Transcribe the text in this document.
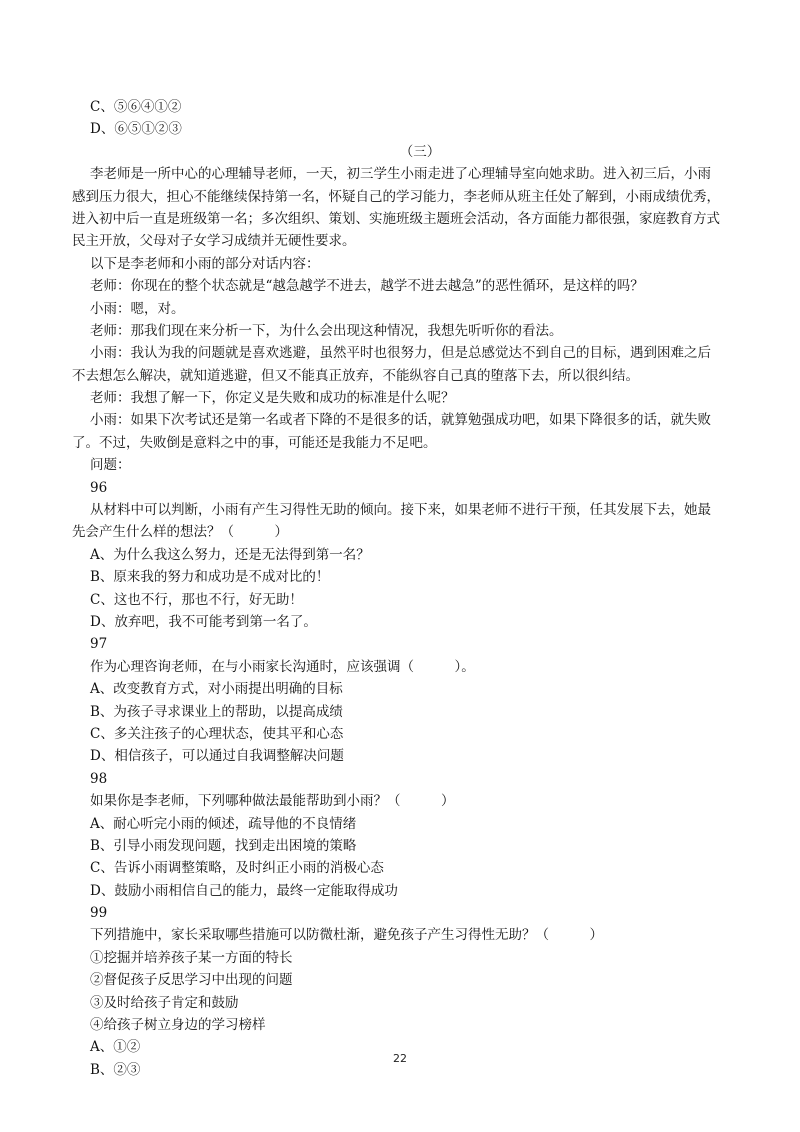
C、⑤⑥④①②
D、⑥⑤①②③
（三）
李老师是一所中心的心理辅导老师，一天，初三学生小雨走进了心理辅导室向她求助。进入初三后，小雨
感到压力很大，担心不能继续保持第一名，怀疑自己的学习能力，李老师从班主任处了解到，小雨成绩优秀，
进入初中后一直是班级第一名；多次组织、策划、实施班级主题班会活动，各方面能力都很强，家庭教育方式
民主开放，父母对子女学习成绩并无硬性要求。
以下是李老师和小雨的部分对话内容：
老师：你现在的整个状态就是“越急越学不进去，越学不进去越急”的恶性循环，是这样的吗？
小雨：嗯，对。
老师：那我们现在来分析一下，为什么会出现这种情况，我想先听听你的看法。
小雨：我认为我的问题就是喜欢逃避，虽然平时也很努力，但是总感觉达不到自己的目标，遇到困难之后
不去想怎么解决，就知道逃避，但又不能真正放弃，不能纵容自己真的堕落下去，所以很纠结。
老师：我想了解一下，你定义是失败和成功的标准是什么呢？
小雨：如果下次考试还是第一名或者下降的不是很多的话，就算勉强成功吧，如果下降很多的话，就失败
了。不过，失败倒是意料之中的事，可能还是我能力不足吧。
问题：
96
从材料中可以判断，小雨有产生习得性无助的倾向。接下来，如果老师不进行干预，任其发展下去，她最
先会产生什么样的想法？（　　　）
A、为什么我这么努力，还是无法得到第一名？
B、原来我的努力和成功是不成对比的！
C、这也不行，那也不行，好无助！
D、放弃吧，我不可能考到第一名了。
97
作为心理咨询老师，在与小雨家长沟通时，应该强调（　　　）。
A、改变教育方式，对小雨提出明确的目标
B、为孩子寻求课业上的帮助，以提高成绩
C、多关注孩子的心理状态，使其平和心态
D、相信孩子，可以通过自我调整解决问题
98
如果你是李老师，下列哪种做法最能帮助到小雨？（　　　）
A、耐心听完小雨的倾述，疏导他的不良情绪
B、引导小雨发现问题，找到走出困境的策略
C、告诉小雨调整策略，及时纠正小雨的消极心态
D、鼓励小雨相信自己的能力，最终一定能取得成功
99
下列措施中，家长采取哪些措施可以防微杜渐，避免孩子产生习得性无助？（　　　）
①挖掘并培养孩子某一方面的特长
②督促孩子反思学习中出现的问题
③及时给孩子肯定和鼓励
④给孩子树立身边的学习榜样
A、①②
B、②③
22
